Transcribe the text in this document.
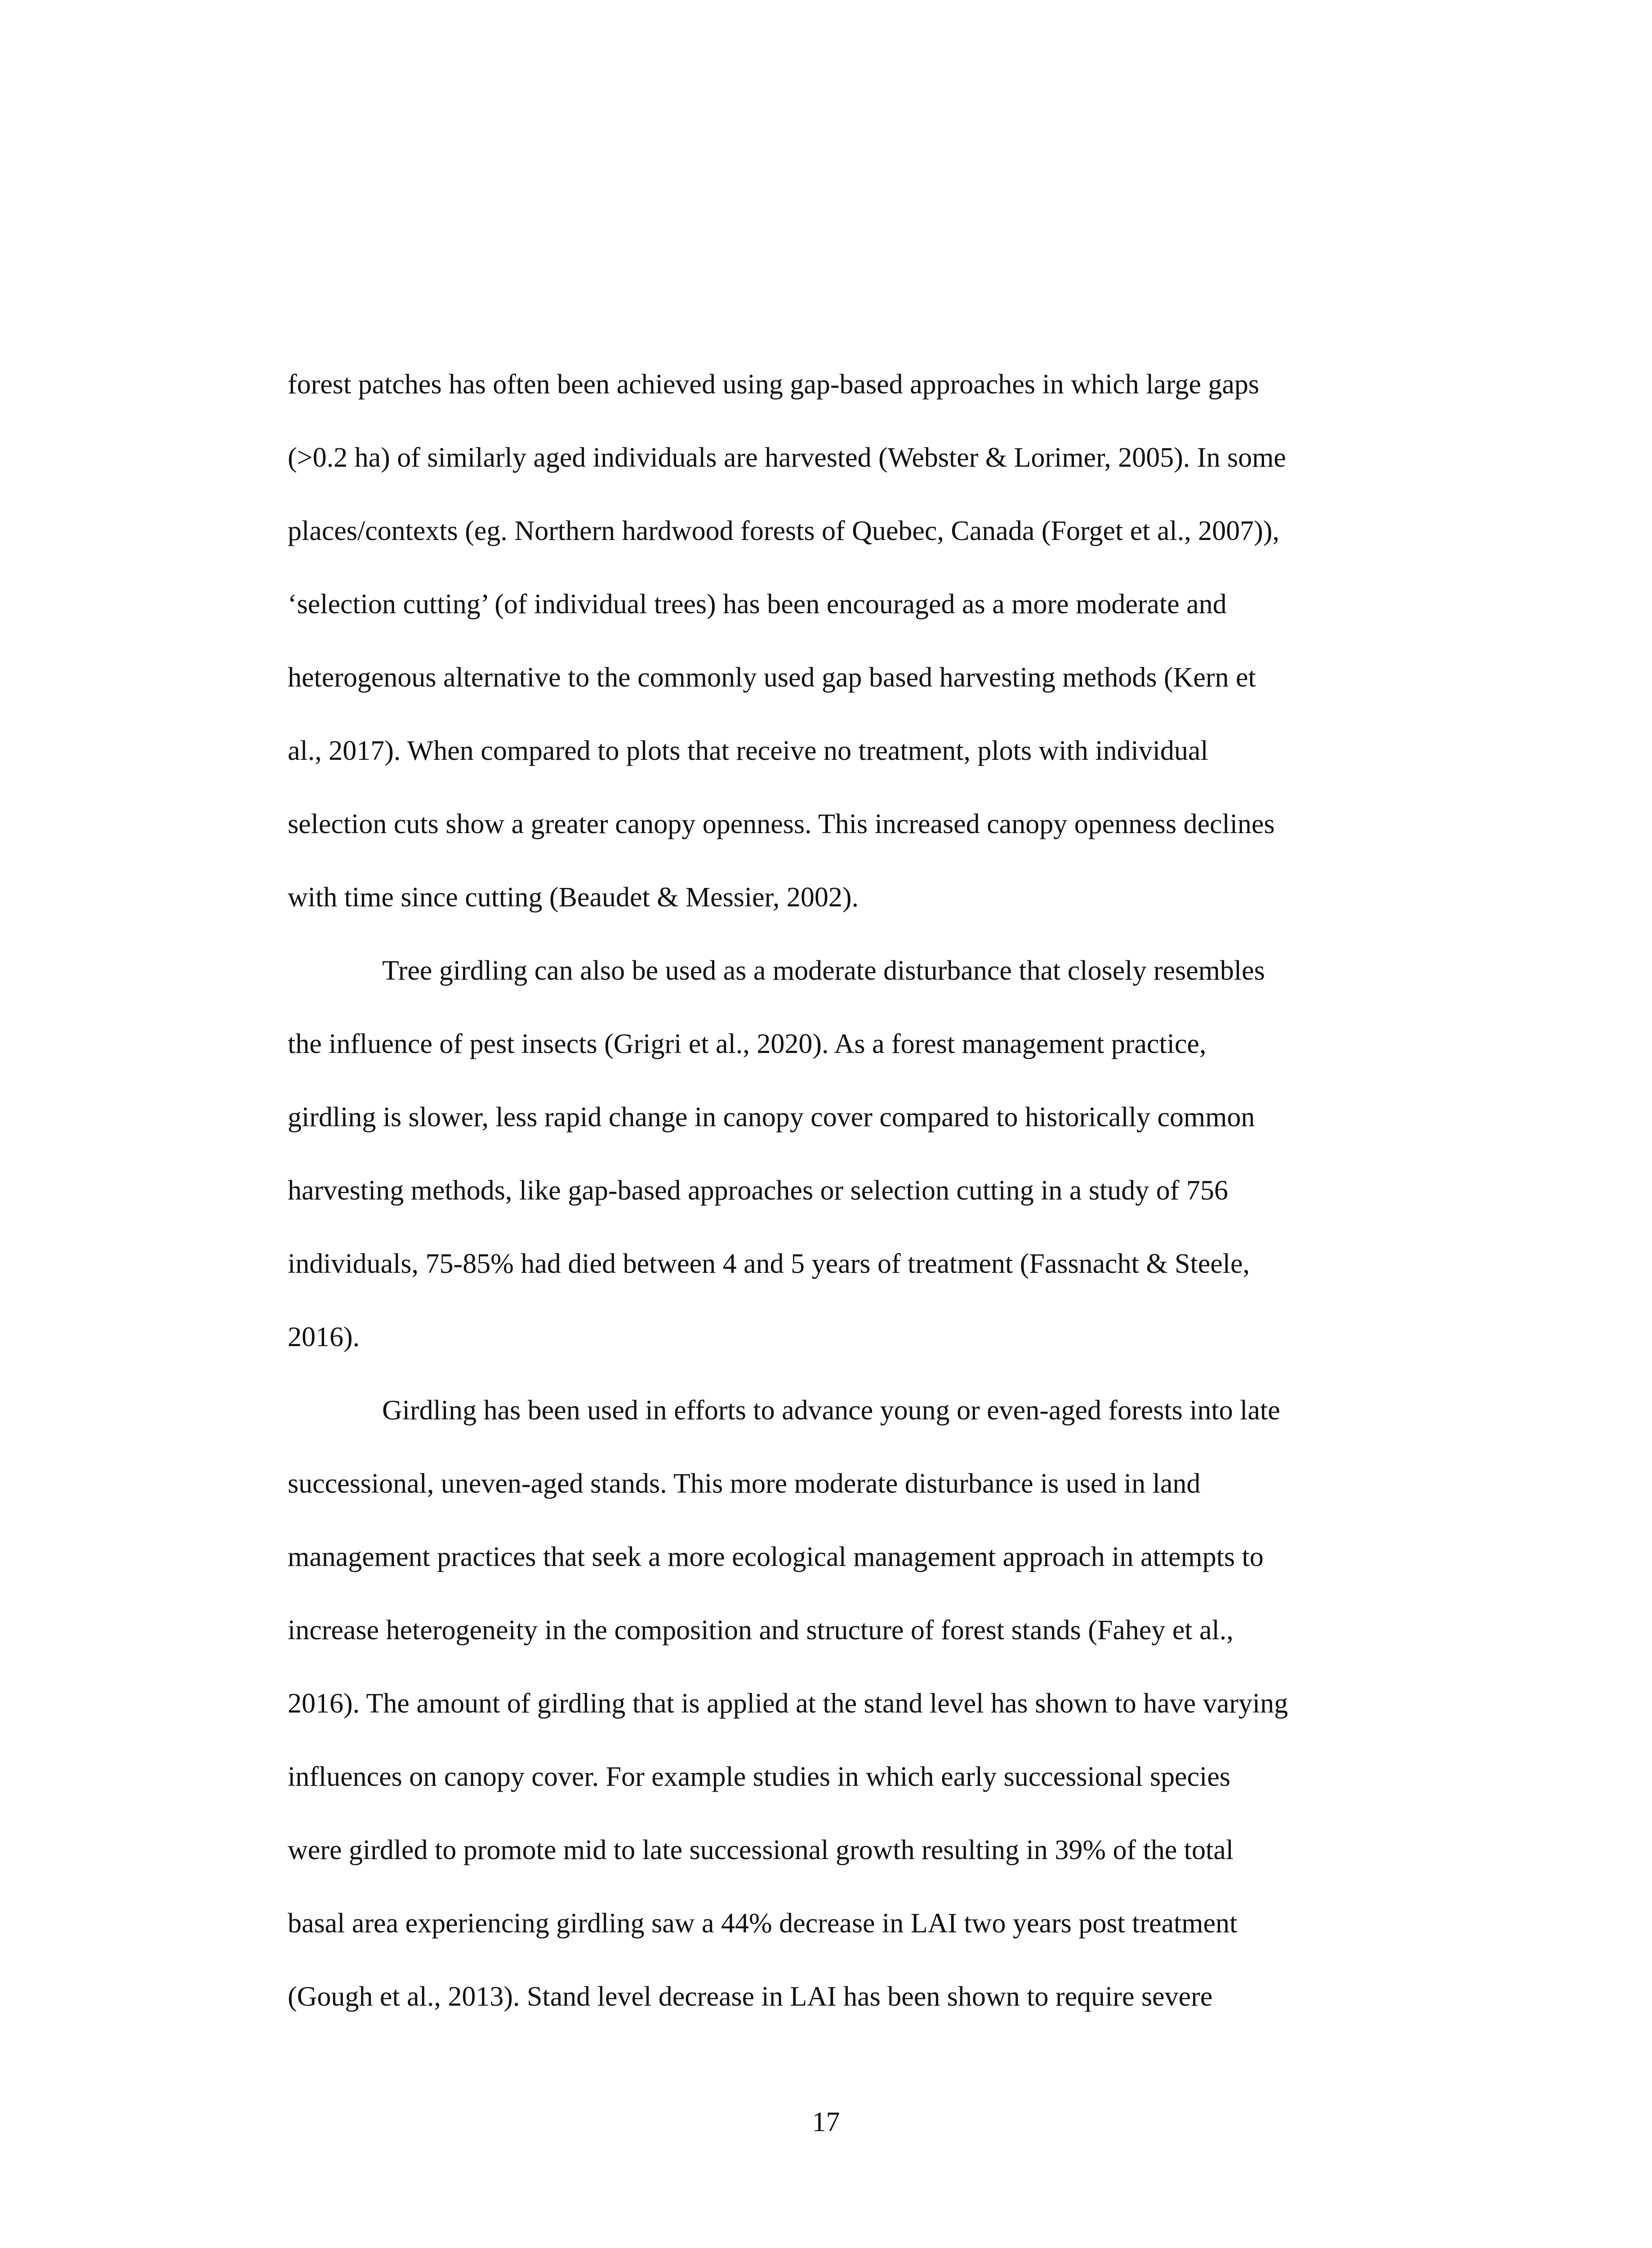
forest patches has often been achieved using gap-based approaches in which large gaps

(>0.2 ha) of similarly aged individuals are harvested (Webster & Lorimer, 2005). In some

places/contexts (eg. Northern hardwood forests of Quebec, Canada (Forget et al., 2007)),

‘selection cutting’ (of individual trees) has been encouraged as a more moderate and

heterogenous alternative to the commonly used gap based harvesting methods (Kern et

al., 2017). When compared to plots that receive no treatment, plots with individual

selection cuts show a greater canopy openness. This increased canopy openness declines

with time since cutting (Beaudet & Messier, 2002).

Tree girdling can also be used as a moderate disturbance that closely resembles

the influence of pest insects (Grigri et al., 2020). As a forest management practice,

girdling is slower, less rapid change in canopy cover compared to historically common

harvesting methods, like gap-based approaches or selection cutting in a study of 756

individuals, 75-85% had died between 4 and 5 years of treatment (Fassnacht & Steele,

2016).

Girdling has been used in efforts to advance young or even-aged forests into late

successional, uneven-aged stands. This more moderate disturbance is used in land

management practices that seek a more ecological management approach in attempts to

increase heterogeneity in the composition and structure of forest stands (Fahey et al.,

2016). The amount of girdling that is applied at the stand level has shown to have varying

influences on canopy cover. For example studies in which early successional species

were girdled to promote mid to late successional growth resulting in 39% of the total

basal area experiencing girdling saw a 44% decrease in LAI two years post treatment

(Gough et al., 2013). Stand level decrease in LAI has been shown to require severe

17
